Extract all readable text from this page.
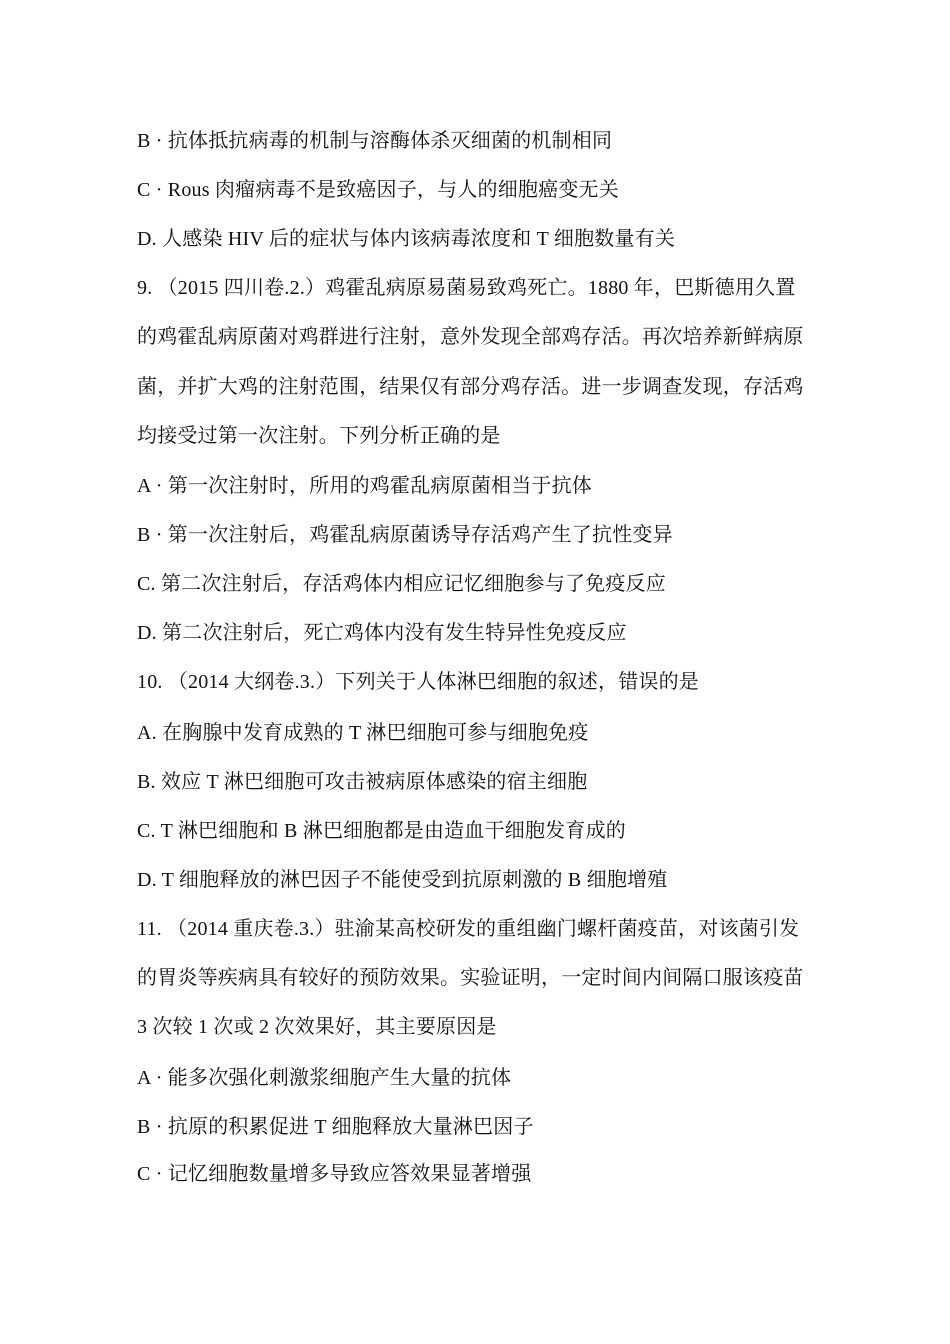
B · 抗体抵抗病毒的机制与溶酶体杀灭细菌的机制相同
C · Rous 肉瘤病毒不是致癌因子，与人的细胞癌变无关
D. 人感染 HIV 后的症状与体内该病毒浓度和 T 细胞数量有关
9. （2015 四川卷.2.）鸡霍乱病原易菌易致鸡死亡。1880 年，巴斯德用久置
的鸡霍乱病原菌对鸡群进行注射，意外发现全部鸡存活。再次培养新鲜病原
菌，并扩大鸡的注射范围，结果仅有部分鸡存活。进一步调查发现，存活鸡
均接受过第一次注射。下列分析正确的是
A · 第一次注射时，所用的鸡霍乱病原菌相当于抗体
B · 第一次注射后，鸡霍乱病原菌诱导存活鸡产生了抗性变异
C. 第二次注射后，存活鸡体内相应记忆细胞参与了免疫反应
D. 第二次注射后，死亡鸡体内没有发生特异性免疫反应
10. （2014 大纲卷.3.）下列关于人体淋巴细胞的叙述，错误的是
A. 在胸腺中发育成熟的 T 淋巴细胞可参与细胞免疫
B. 效应 T 淋巴细胞可攻击被病原体感染的宿主细胞
C. T 淋巴细胞和 B 淋巴细胞都是由造血干细胞发育成的
D. T 细胞释放的淋巴因子不能使受到抗原刺激的 B 细胞增殖
11. （2014 重庆卷.3.）驻渝某高校研发的重组幽门螺杆菌疫苗，对该菌引发
的胃炎等疾病具有较好的预防效果。实验证明，一定时间内间隔口服该疫苗
3 次较 1 次或 2 次效果好，其主要原因是
A · 能多次强化刺激浆细胞产生大量的抗体
B · 抗原的积累促进 T 细胞释放大量淋巴因子
C · 记忆细胞数量增多导致应答效果显著增强
